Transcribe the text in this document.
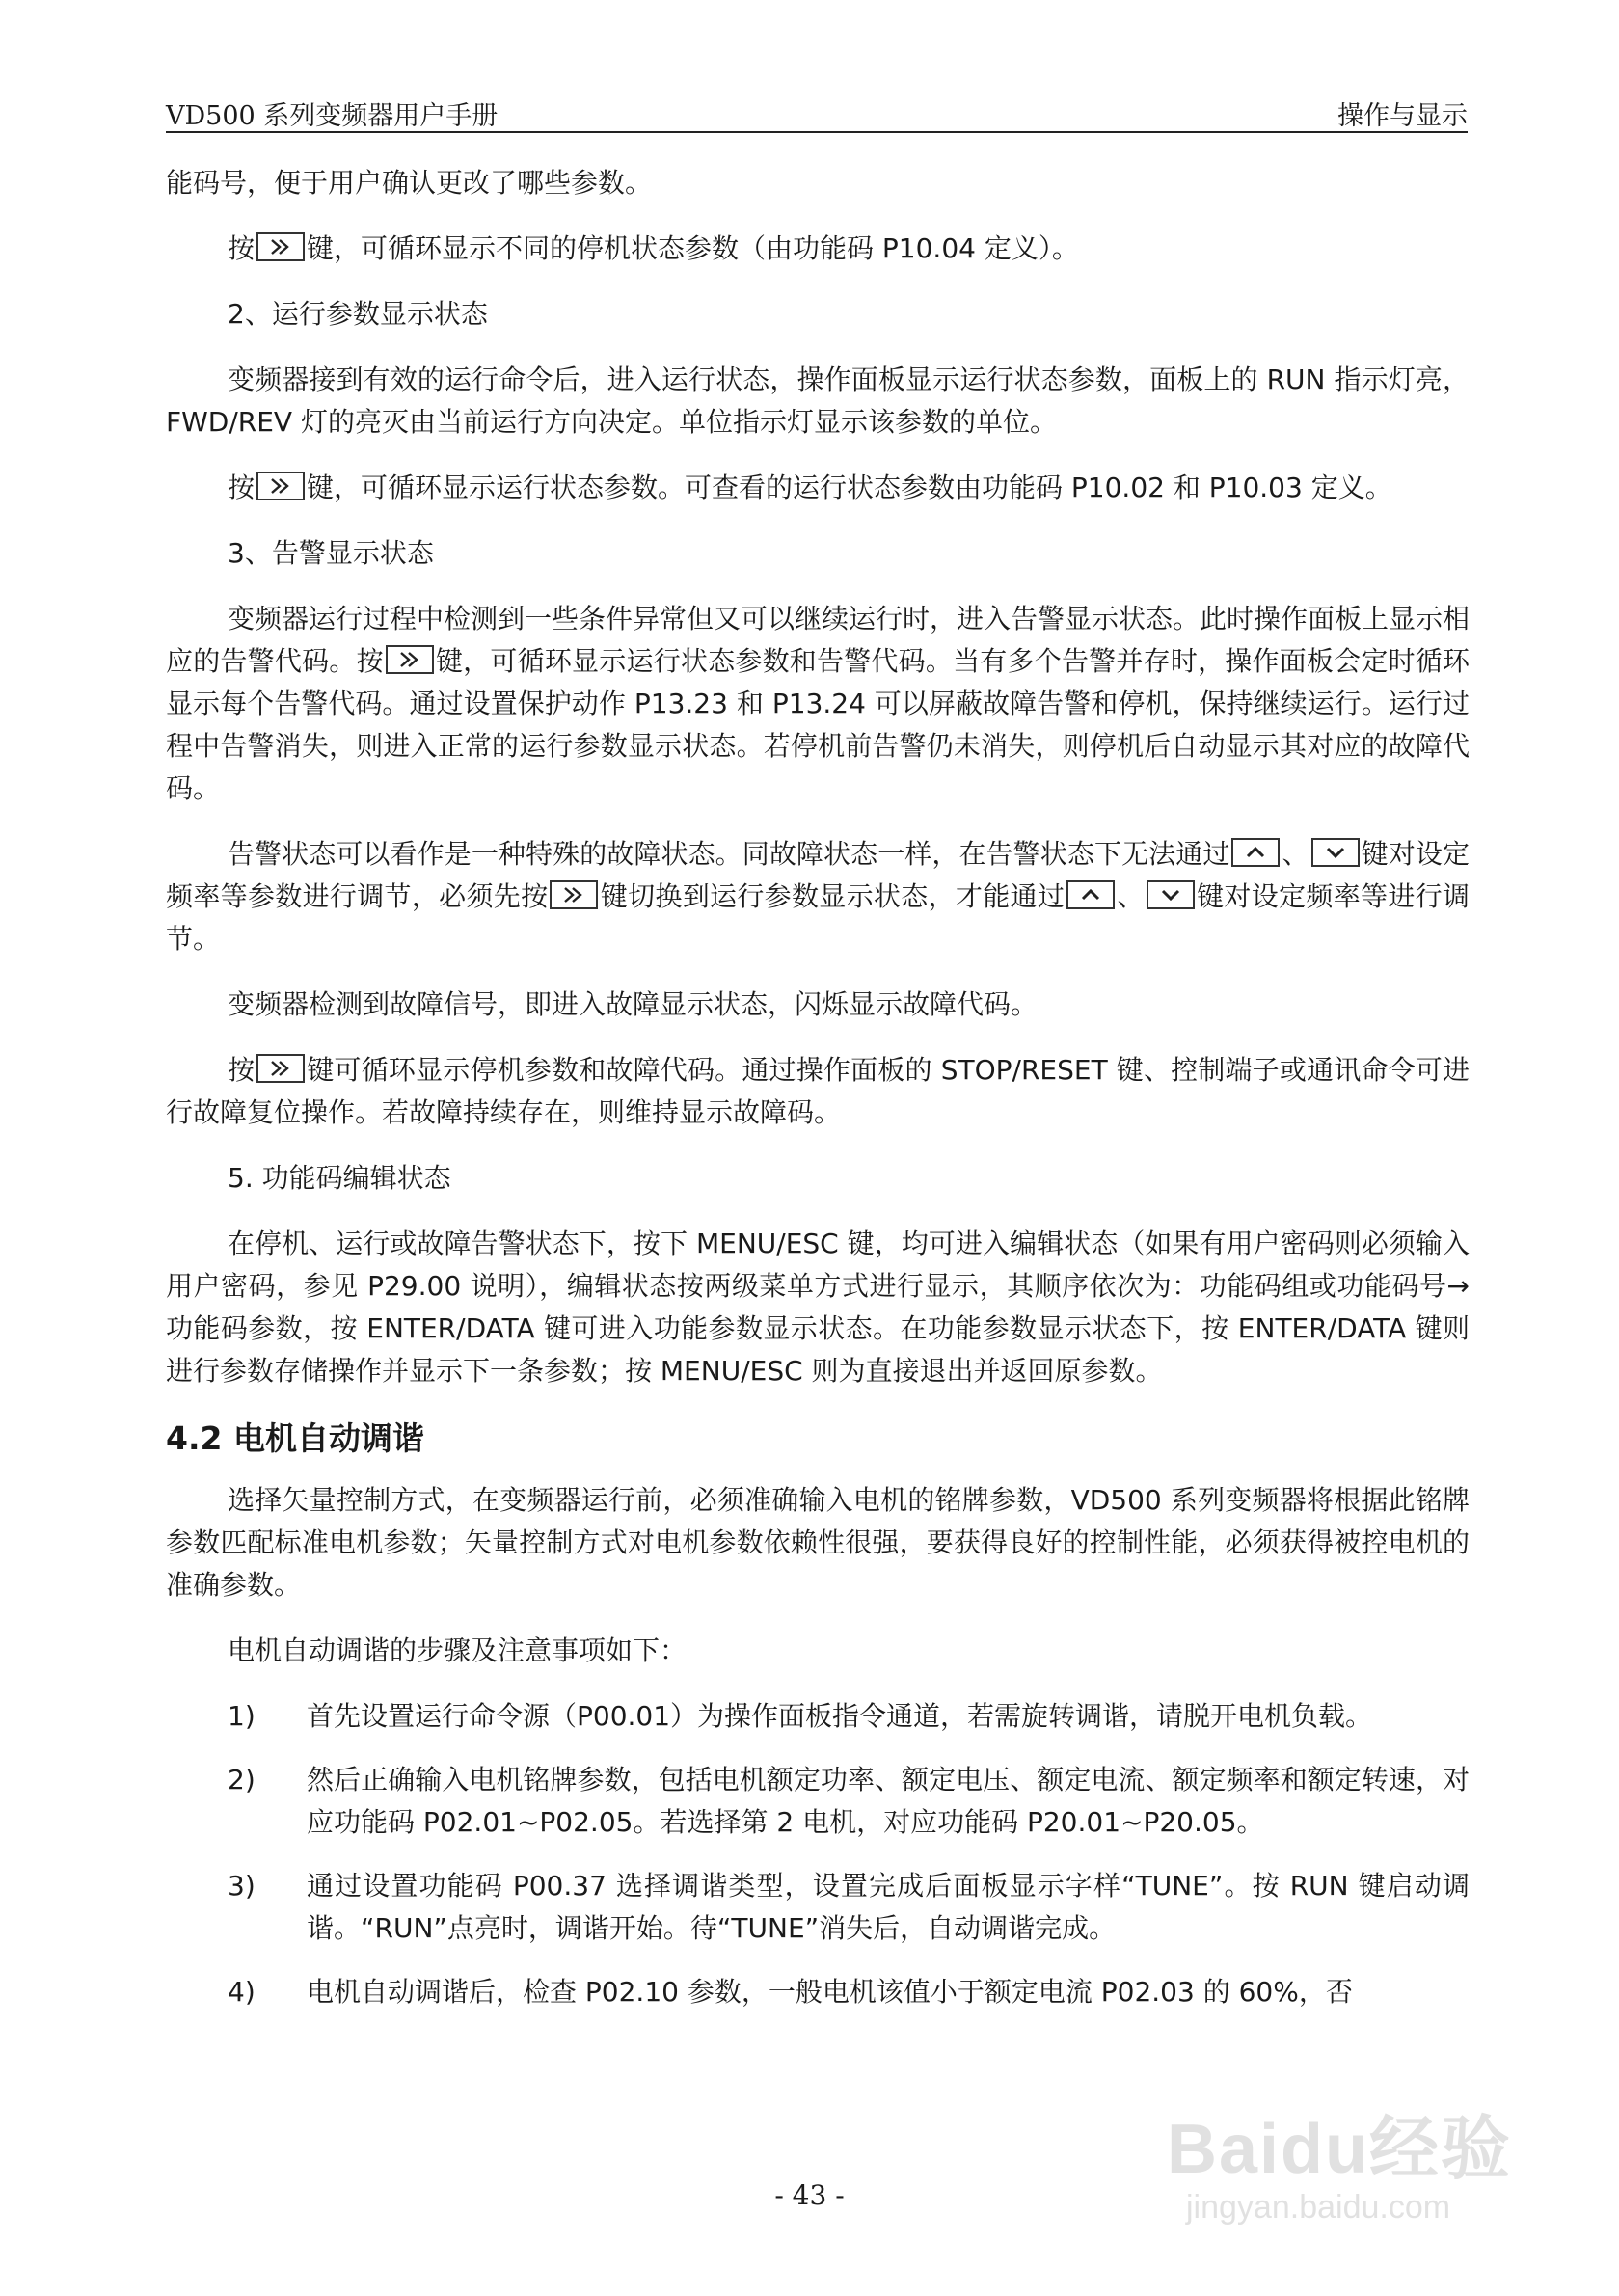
VD500 系列变频器用户手册	操作与显示

能码号，便于用户确认更改了哪些参数。

按 键，可循环显示不同的停机状态参数（由功能码 P10.04 定义）。

2、运行参数显示状态

变频器接到有效的运行命令后，进入运行状态，操作面板显示运行状态参数，面板上的 RUN 指示灯亮，FWD/REV 灯的亮灭由当前运行方向决定。单位指示灯显示该参数的单位。

按 键，可循环显示运行状态参数。可查看的运行状态参数由功能码 P10.02 和 P10.03 定义。

3、告警显示状态

变频器运行过程中检测到一些条件异常但又可以继续运行时，进入告警显示状态。此时操作面板上显示相应的告警代码。按 键，可循环显示运行状态参数和告警代码。当有多个告警并存时，操作面板会定时循环显示每个告警代码。通过设置保护动作 P13.23 和 P13.24 可以屏蔽故障告警和停机，保持继续运行。运行过程中告警消失，则进入正常的运行参数显示状态。若停机前告警仍未消失，则停机后自动显示其对应的故障代码。

告警状态可以看作是一种特殊的故障状态。同故障状态一样，在告警状态下无法通过 、 键对设定频率等参数进行调节，必须先按 键切换到运行参数显示状态，才能通过 、 键对设定频率等进行调节。

变频器检测到故障信号，即进入故障显示状态，闪烁显示故障代码。

按 键可循环显示停机参数和故障代码。通过操作面板的 STOP/RESET 键、控制端子或通讯命令可进行故障复位操作。若故障持续存在，则维持显示故障码。

5. 功能码编辑状态

在停机、运行或故障告警状态下，按下 MENU/ESC 键，均可进入编辑状态（如果有用户密码则必须输入用户密码，参见 P29.00 说明），编辑状态按两级菜单方式进行显示，其顺序依次为：功能码组或功能码号→功能码参数，按 ENTER/DATA 键可进入功能参数显示状态。在功能参数显示状态下，按 ENTER/DATA 键则进行参数存储操作并显示下一条参数；按 MENU/ESC 则为直接退出并返回原参数。

4.2 电机自动调谐

选择矢量控制方式，在变频器运行前，必须准确输入电机的铭牌参数，VD500 系列变频器将根据此铭牌参数匹配标准电机参数；矢量控制方式对电机参数依赖性很强，要获得良好的控制性能，必须获得被控电机的准确参数。

电机自动调谐的步骤及注意事项如下：

1) 首先设置运行命令源（P00.01）为操作面板指令通道，若需旋转调谐，请脱开电机负载。
2) 然后正确输入电机铭牌参数，包括电机额定功率、额定电压、额定电流、额定频率和额定转速，对应功能码 P02.01~P02.05。若选择第 2 电机，对应功能码 P20.01~P20.05。
3) 通过设置功能码 P00.37 选择调谐类型，设置完成后面板显示字样“TUNE”。按 RUN 键启动调谐。“RUN”点亮时，调谐开始。待“TUNE”消失后，自动调谐完成。
4) 电机自动调谐后，检查 P02.10 参数，一般电机该值小于额定电流 P02.03 的 60%，否
Baidu经验
jingyan.baidu.com
- 43 -
